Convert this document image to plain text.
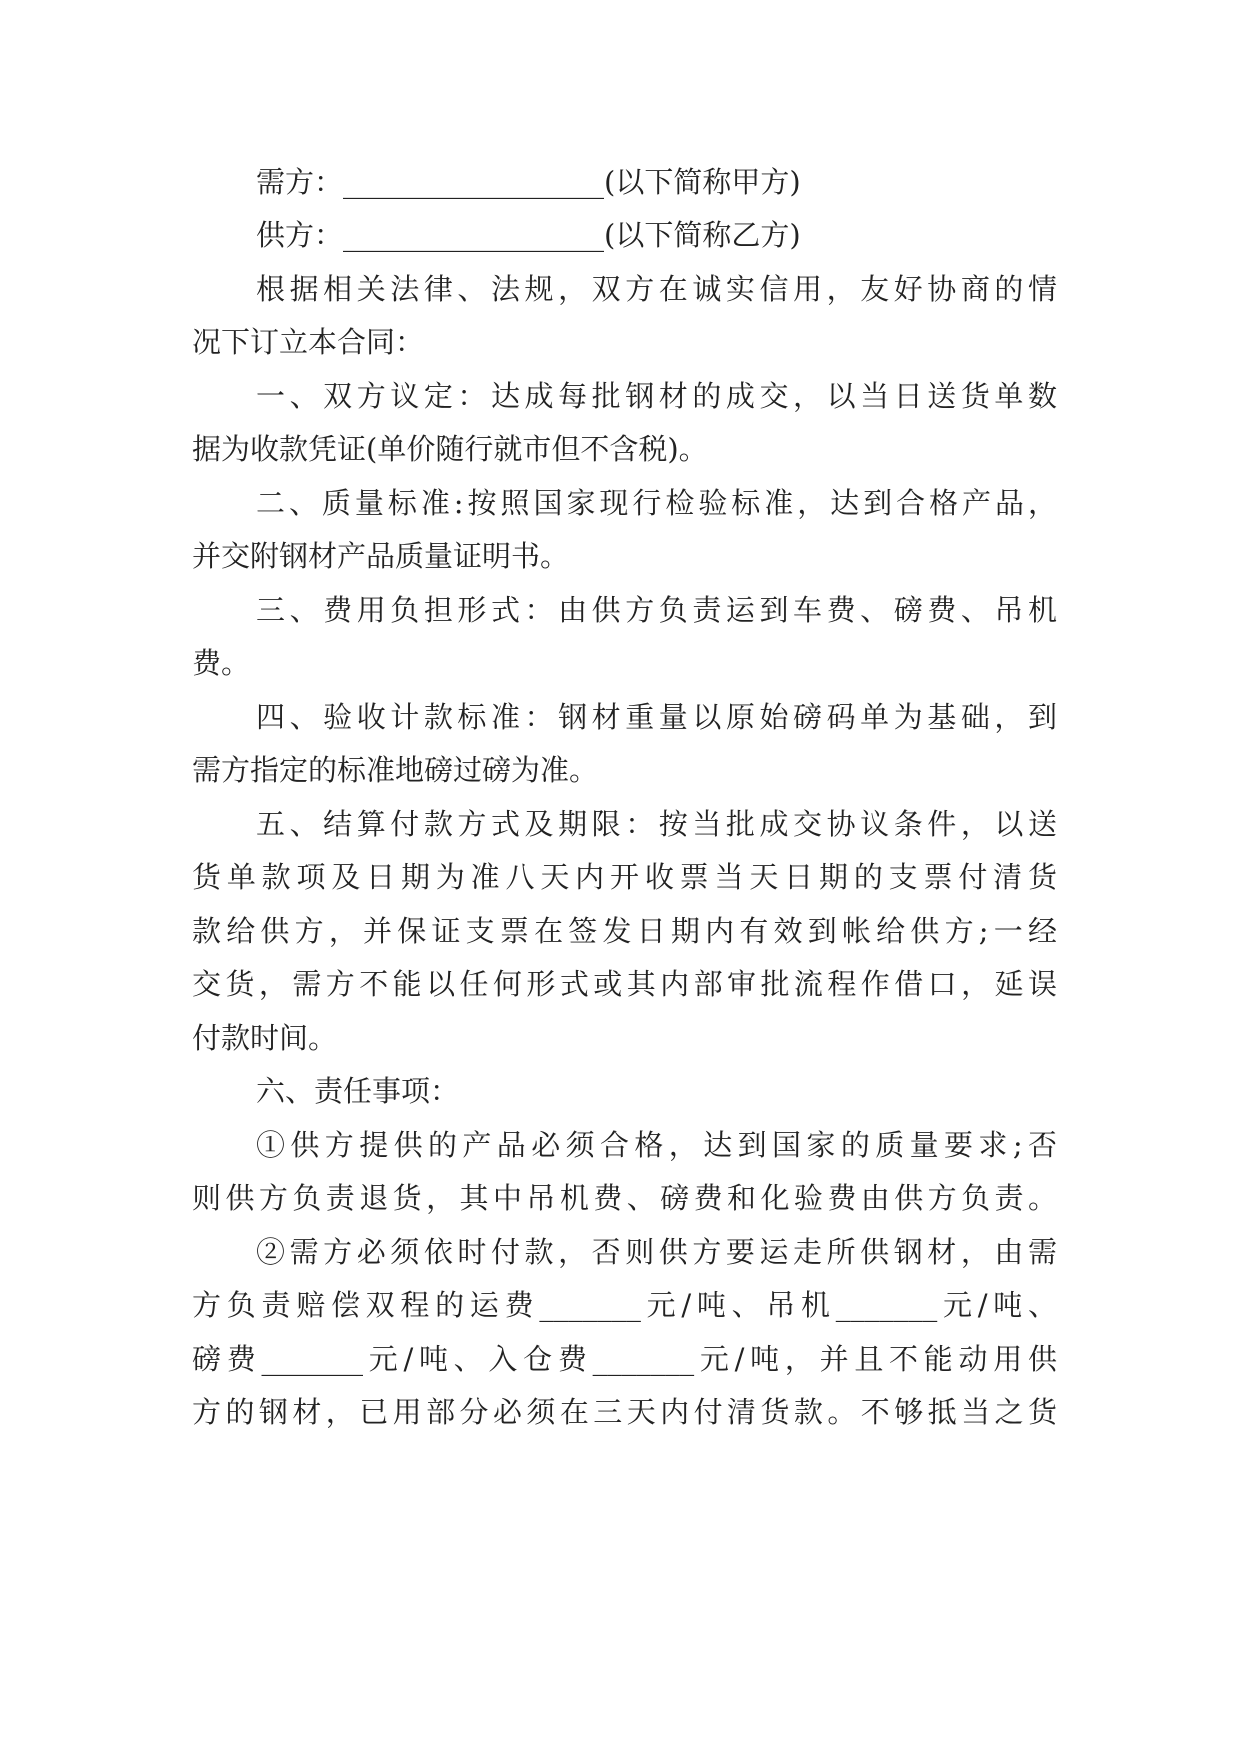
需方：__________________(以下简称甲方)
供方：__________________(以下简称乙方)
根据相关法律、法规，双方在诚实信用，友好协商的情
况下订立本合同：
一、双方议定：达成每批钢材的成交，以当日送货单数
据为收款凭证(单价随行就市但不含税)。
二、质量标准:按照国家现行检验标准，达到合格产品，
并交附钢材产品质量证明书。
三、费用负担形式：由供方负责运到车费、磅费、吊机
费。
四、验收计款标准：钢材重量以原始磅码单为基础，到
需方指定的标准地磅过磅为准。
五、结算付款方式及期限：按当批成交协议条件，以送
货单款项及日期为准八天内开收票当天日期的支票付清货
款给供方，并保证支票在签发日期内有效到帐给供方;一经
交货，需方不能以任何形式或其内部审批流程作借口，延误
付款时间。
六、责任事项：
①供方提供的产品必须合格，达到国家的质量要求;否
则供方负责退货，其中吊机费、磅费和化验费由供方负责。
②需方必须依时付款，否则供方要运走所供钢材，由需
方负责赔偿双程的运费_______元/吨、吊机_______元/吨、
磅费_______元/吨、入仓费_______元/吨，并且不能动用供
方的钢材，已用部分必须在三天内付清货款。不够抵当之货
